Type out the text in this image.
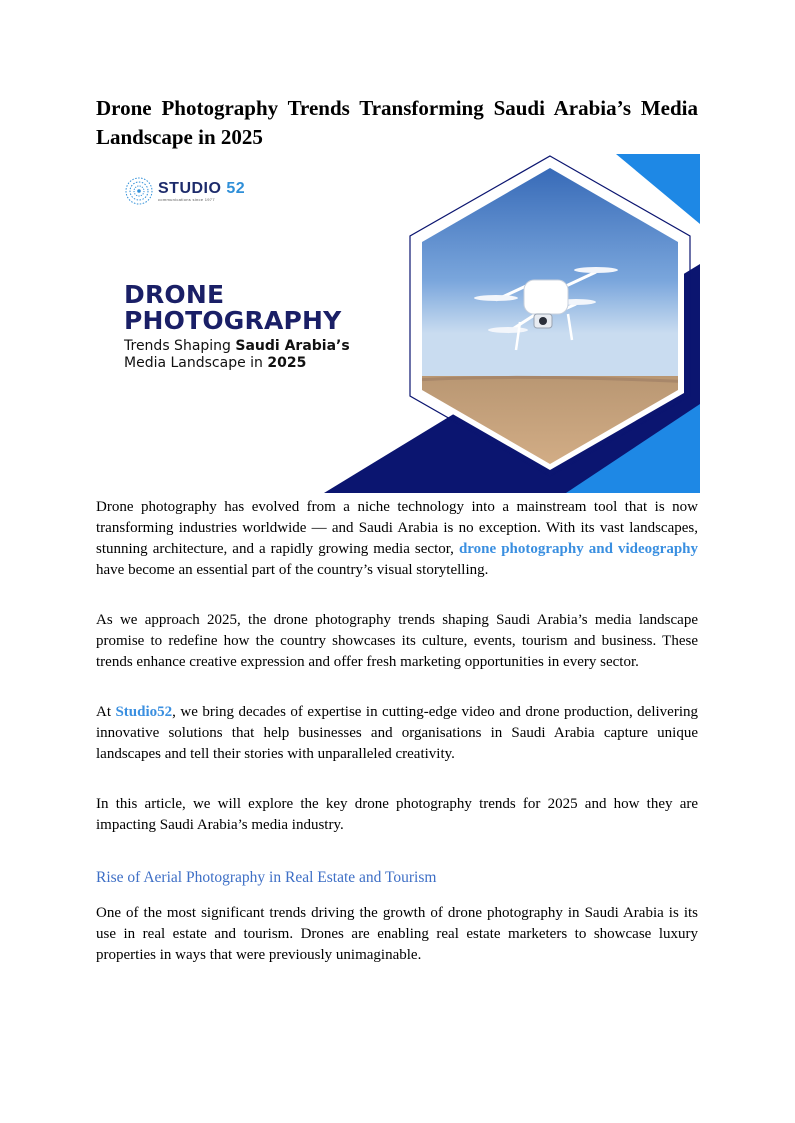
Drone Photography Trends Transforming Saudi Arabia’s Media
Landscape in 2025
STUDIO 52
communications since 1977
DRONE
PHOTOGRAPHY
Trends Shaping Saudi Arabia’s
Media Landscape in 2025

Drone photography has evolved from a niche technology into a mainstream tool that is now transforming industries worldwide — and Saudi Arabia is no exception. With its vast landscapes, stunning architecture, and a rapidly growing media sector, drone photography and videography have become an essential part of the country’s visual storytelling.

As we approach 2025, the drone photography trends shaping Saudi Arabia’s media landscape promise to redefine how the country showcases its culture, events, tourism and business. These trends enhance creative expression and offer fresh marketing opportunities in every sector.

At Studio52, we bring decades of expertise in cutting-edge video and drone production, delivering innovative solutions that help businesses and organisations in Saudi Arabia capture unique landscapes and tell their stories with unparalleled creativity.

In this article, we will explore the key drone photography trends for 2025 and how they are impacting Saudi Arabia’s media industry.

Rise of Aerial Photography in Real Estate and Tourism

One of the most significant trends driving the growth of drone photography in Saudi Arabia is its use in real estate and tourism. Drones are enabling real estate marketers to showcase luxury properties in ways that were previously unimaginable.
